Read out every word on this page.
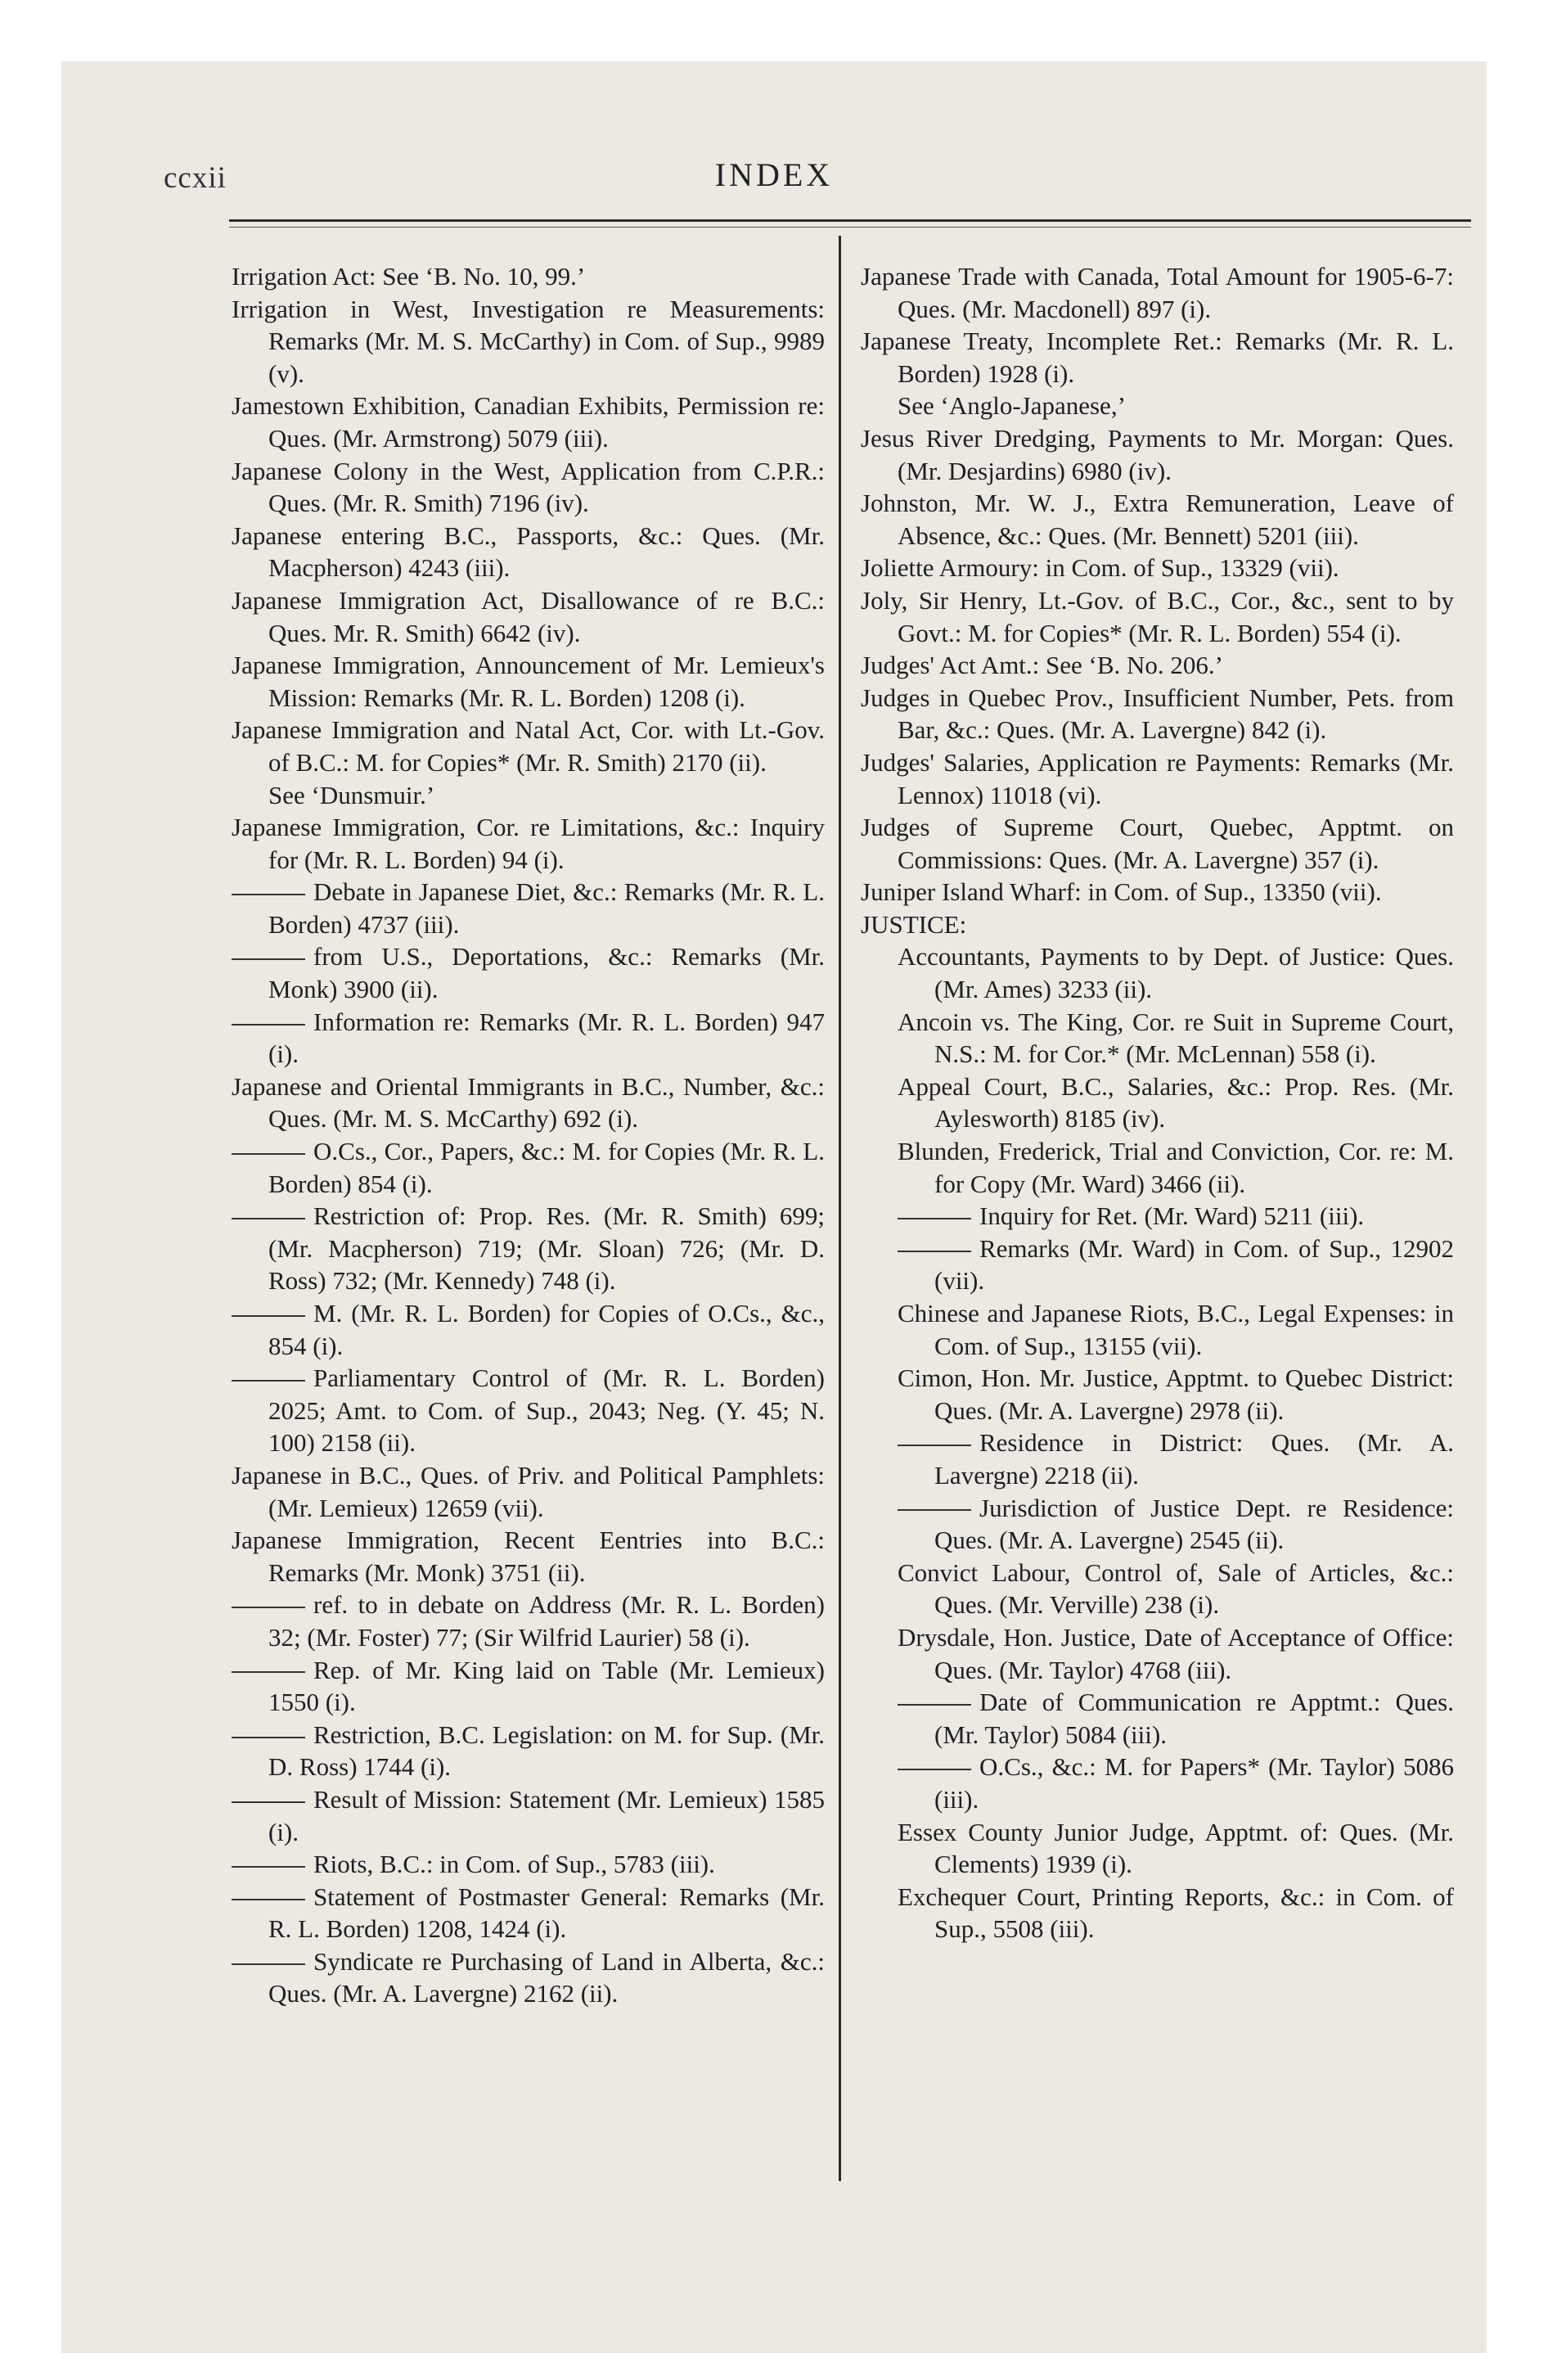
ccxii	INDEX
Irrigation Act: See ‘B. No. 10, 99.’
Irrigation in West, Investigation re Measurements: Remarks (Mr. M. S. McCarthy) in Com. of Sup., 9989 (v).
Jamestown Exhibition, Canadian Exhibits, Permission re: Ques. (Mr. Armstrong) 5079 (iii).
Japanese Colony in the West, Application from C.P.R.: Ques. (Mr. R. Smith) 7196 (iv).
Japanese entering B.C., Passports, &c.: Ques. (Mr. Macpherson) 4243 (iii).
Japanese Immigration Act, Disallowance of re B.C.: Ques. Mr. R. Smith) 6642 (iv).
Japanese Immigration, Announcement of Mr. Lemieux's Mission: Remarks (Mr. R. L. Borden) 1208 (i).
Japanese Immigration and Natal Act, Cor. with Lt.-Gov. of B.C.: M. for Copies* (Mr. R. Smith) 2170 (ii).
See ‘Dunsmuir.’
Japanese Immigration, Cor. re Limitations, &c.: Inquiry for (Mr. R. L. Borden) 94 (i).
Debate in Japanese Diet, &c.: Remarks (Mr. R. L. Borden) 4737 (iii).
from U.S., Deportations, &c.: Remarks (Mr. Monk) 3900 (ii).
Information re: Remarks (Mr. R. L. Borden) 947 (i).
Japanese and Oriental Immigrants in B.C., Number, &c.: Ques. (Mr. M. S. McCarthy) 692 (i).
O.Cs., Cor., Papers, &c.: M. for Copies (Mr. R. L. Borden) 854 (i).
Restriction of: Prop. Res. (Mr. R. Smith) 699; (Mr. Macpherson) 719; (Mr. Sloan) 726; (Mr. D. Ross) 732; (Mr. Kennedy) 748 (i).
M. (Mr. R. L. Borden) for Copies of O.Cs., &c., 854 (i).
Parliamentary Control of (Mr. R. L. Borden) 2025; Amt. to Com. of Sup., 2043; Neg. (Y. 45; N. 100) 2158 (ii).
Japanese in B.C., Ques. of Priv. and Political Pamphlets: (Mr. Lemieux) 12659 (vii).
Japanese Immigration, Recent Eentries into B.C.: Remarks (Mr. Monk) 3751 (ii).
ref. to in debate on Address (Mr. R. L. Borden) 32; (Mr. Foster) 77; (Sir Wilfrid Laurier) 58 (i).
Rep. of Mr. King laid on Table (Mr. Lemieux) 1550 (i).
Restriction, B.C. Legislation: on M. for Sup. (Mr. D. Ross) 1744 (i).
Result of Mission: Statement (Mr. Lemieux) 1585 (i).
Riots, B.C.: in Com. of Sup., 5783 (iii).
Statement of Postmaster General: Remarks (Mr. R. L. Borden) 1208, 1424 (i).
Syndicate re Purchasing of Land in Alberta, &c.: Ques. (Mr. A. Lavergne) 2162 (ii).
Japanese Trade with Canada, Total Amount for 1905-6-7: Ques. (Mr. Macdonell) 897 (i).
Japanese Treaty, Incomplete Ret.: Remarks (Mr. R. L. Borden) 1928 (i).
See ‘Anglo-Japanese,’
Jesus River Dredging, Payments to Mr. Morgan: Ques. (Mr. Desjardins) 6980 (iv).
Johnston, Mr. W. J., Extra Remuneration, Leave of Absence, &c.: Ques. (Mr. Bennett) 5201 (iii).
Joliette Armoury: in Com. of Sup., 13329 (vii).
Joly, Sir Henry, Lt.-Gov. of B.C., Cor., &c., sent to by Govt.: M. for Copies* (Mr. R. L. Borden) 554 (i).
Judges' Act Amt.: See ‘B. No. 206.’
Judges in Quebec Prov., Insufficient Number, Pets. from Bar, &c.: Ques. (Mr. A. Lavergne) 842 (i).
Judges' Salaries, Application re Payments: Remarks (Mr. Lennox) 11018 (vi).
Judges of Supreme Court, Quebec, Apptmt. on Commissions: Ques. (Mr. A. Lavergne) 357 (i).
Juniper Island Wharf: in Com. of Sup., 13350 (vii).
JUSTICE:
Accountants, Payments to by Dept. of Justice: Ques. (Mr. Ames) 3233 (ii).
Ancoin vs. The King, Cor. re Suit in Supreme Court, N.S.: M. for Cor.* (Mr. McLennan) 558 (i).
Appeal Court, B.C., Salaries, &c.: Prop. Res. (Mr. Aylesworth) 8185 (iv).
Blunden, Frederick, Trial and Conviction, Cor. re: M. for Copy (Mr. Ward) 3466 (ii).
Inquiry for Ret. (Mr. Ward) 5211 (iii).
Remarks (Mr. Ward) in Com. of Sup., 12902 (vii).
Chinese and Japanese Riots, B.C., Legal Expenses: in Com. of Sup., 13155 (vii).
Cimon, Hon. Mr. Justice, Apptmt. to Quebec District: Ques. (Mr. A. Lavergne) 2978 (ii).
Residence in District: Ques. (Mr. A. Lavergne) 2218 (ii).
Jurisdiction of Justice Dept. re Residence: Ques. (Mr. A. Lavergne) 2545 (ii).
Convict Labour, Control of, Sale of Articles, &c.: Ques. (Mr. Verville) 238 (i).
Drysdale, Hon. Justice, Date of Acceptance of Office: Ques. (Mr. Taylor) 4768 (iii).
Date of Communication re Apptmt.: Ques. (Mr. Taylor) 5084 (iii).
O.Cs., &c.: M. for Papers* (Mr. Taylor) 5086 (iii).
Essex County Junior Judge, Apptmt. of: Ques. (Mr. Clements) 1939 (i).
Exchequer Court, Printing Reports, &c.: in Com. of Sup., 5508 (iii).
